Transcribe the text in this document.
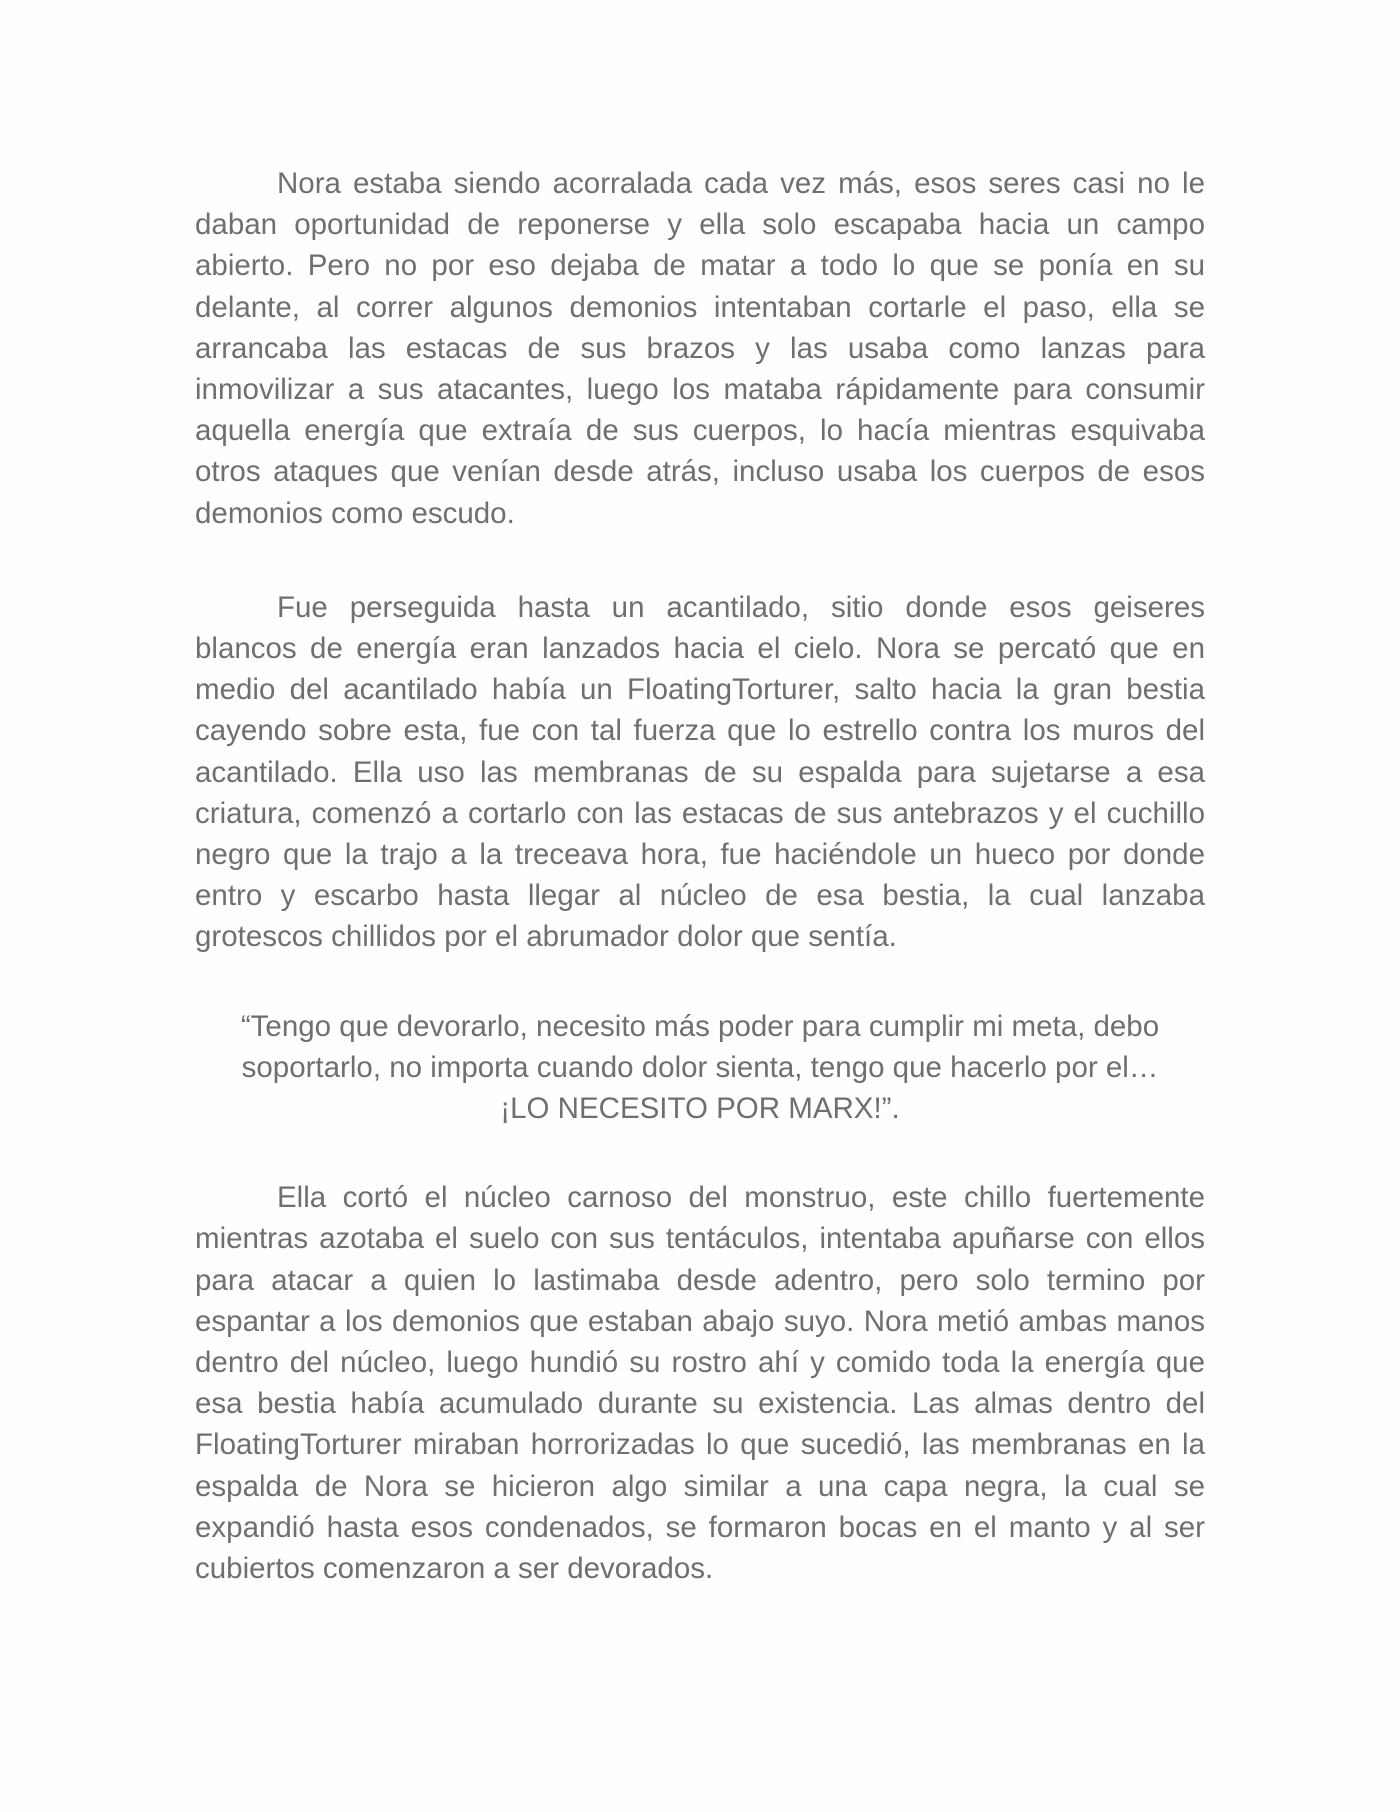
Nora estaba siendo acorralada cada vez más, esos seres casi no le daban oportunidad de reponerse y ella solo escapaba hacia un campo abierto. Pero no por eso dejaba de matar a todo lo que se ponía en su delante, al correr algunos demonios intentaban cortarle el paso, ella se arrancaba las estacas de sus brazos y las usaba como lanzas para inmovilizar a sus atacantes, luego los mataba rápidamente para consumir aquella energía que extraía de sus cuerpos, lo hacía mientras esquivaba otros ataques que venían desde atrás, incluso usaba los cuerpos de esos demonios como escudo.

Fue perseguida hasta un acantilado, sitio donde esos geiseres blancos de energía eran lanzados hacia el cielo. Nora se percató que en medio del acantilado había un FloatingTorturer, salto hacia la gran bestia cayendo sobre esta, fue con tal fuerza que lo estrello contra los muros del acantilado. Ella uso las membranas de su espalda para sujetarse a esa criatura, comenzó a cortarlo con las estacas de sus antebrazos y el cuchillo negro que la trajo a la treceava hora, fue haciéndole un hueco por donde entro y escarbo hasta llegar al núcleo de esa bestia, la cual lanzaba grotescos chillidos por el abrumador dolor que sentía.

“Tengo que devorarlo, necesito más poder para cumplir mi meta, debo soportarlo, no importa cuando dolor sienta, tengo que hacerlo por el… ¡LO NECESITO POR MARX!”.

Ella cortó el núcleo carnoso del monstruo, este chillo fuertemente mientras azotaba el suelo con sus tentáculos, intentaba apuñarse con ellos para atacar a quien lo lastimaba desde adentro, pero solo termino por espantar a los demonios que estaban abajo suyo. Nora metió ambas manos dentro del núcleo, luego hundió su rostro ahí y comido toda la energía que esa bestia había acumulado durante su existencia. Las almas dentro del FloatingTorturer miraban horrorizadas lo que sucedió, las membranas en la espalda de Nora se hicieron algo similar a una capa negra, la cual se expandió hasta esos condenados, se formaron bocas en el manto y al ser cubiertos comenzaron a ser devorados.
